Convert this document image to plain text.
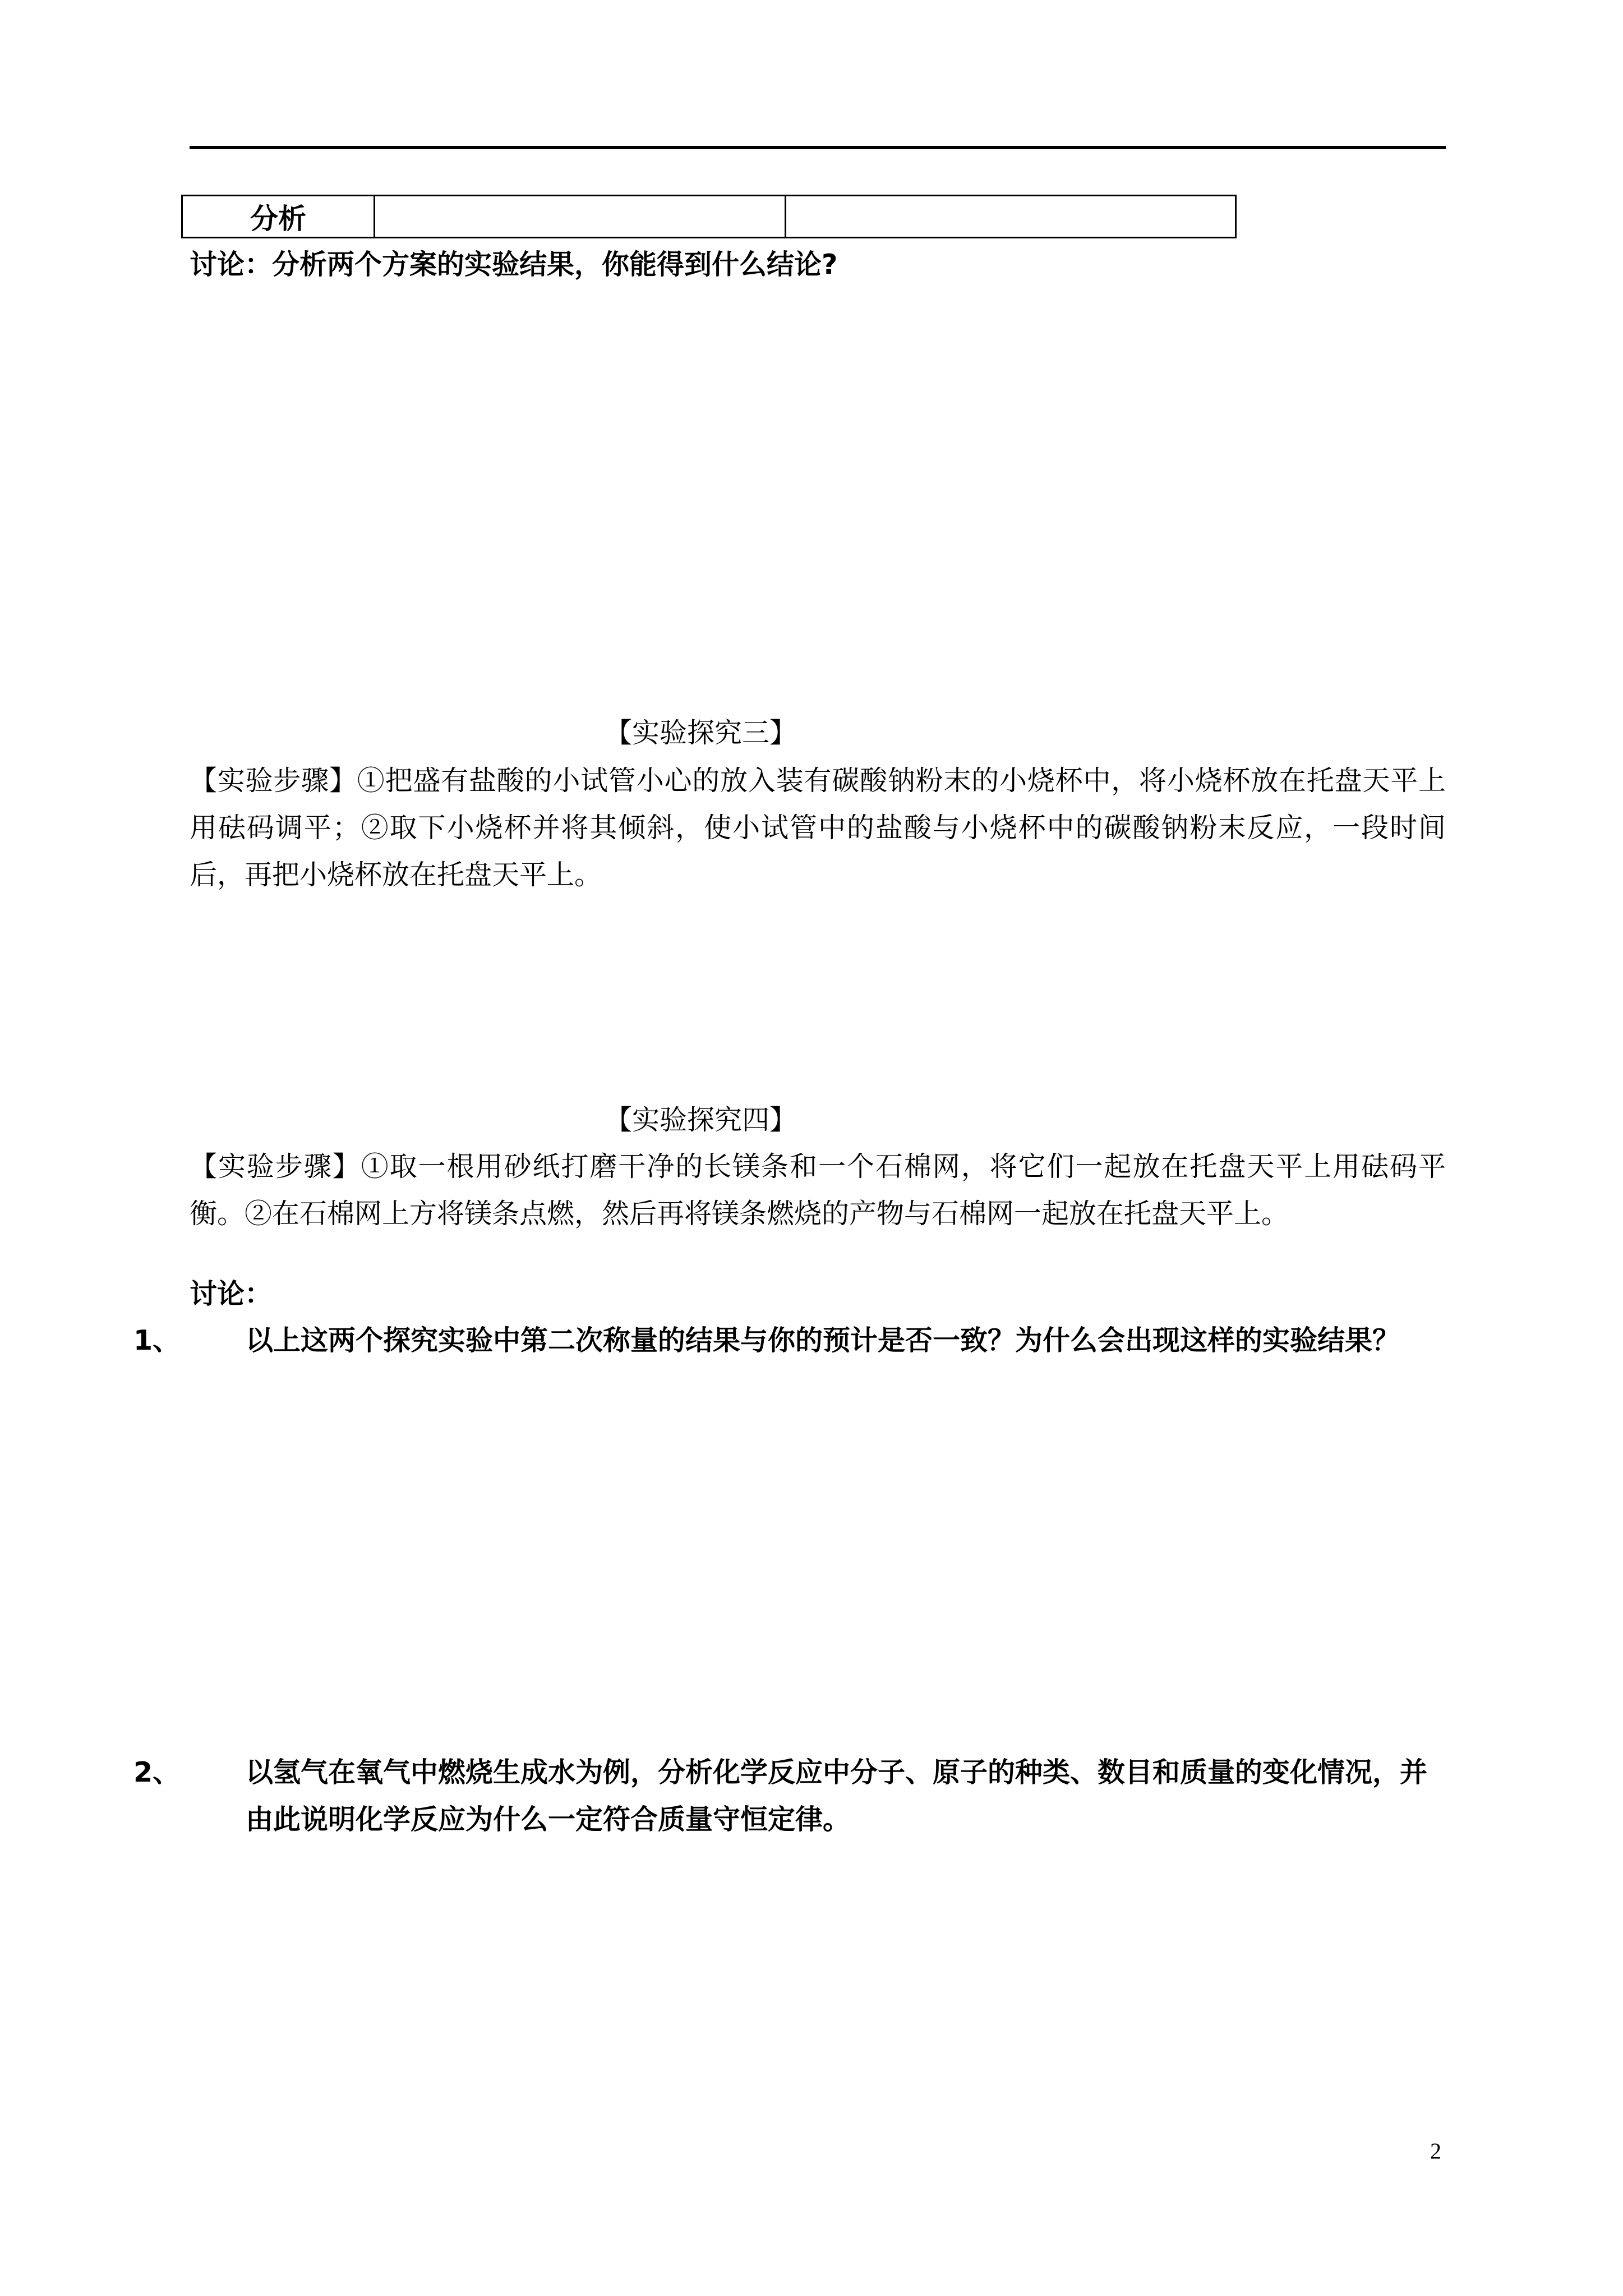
分析		
讨论：分析两个方案的实验结果，你能得到什么结论?
【实验探究三】

【实验步骤】①把盛有盐酸的小试管小心的放入装有碳酸钠粉末的小烧杯中，将小烧杯放在托盘天平上用砝码调平；②取下小烧杯并将其倾斜，使小试管中的盐酸与小烧杯中的碳酸钠粉末反应，一段时间后，再把小烧杯放在托盘天平上。

【实验探究四】

【实验步骤】①取一根用砂纸打磨干净的长镁条和一个石棉网，将它们一起放在托盘天平上用砝码平衡。②在石棉网上方将镁条点燃，然后再将镁条燃烧的产物与石棉网一起放在托盘天平上。

讨论：
1、 以上这两个探究实验中第二次称量的结果与你的预计是否一致？为什么会出现这样的实验结果？
2、 以氢气在氧气中燃烧生成水为例，分析化学反应中分子、原子的种类、数目和质量的变化情况，并由此说明化学反应为什么一定符合质量守恒定律。
2
